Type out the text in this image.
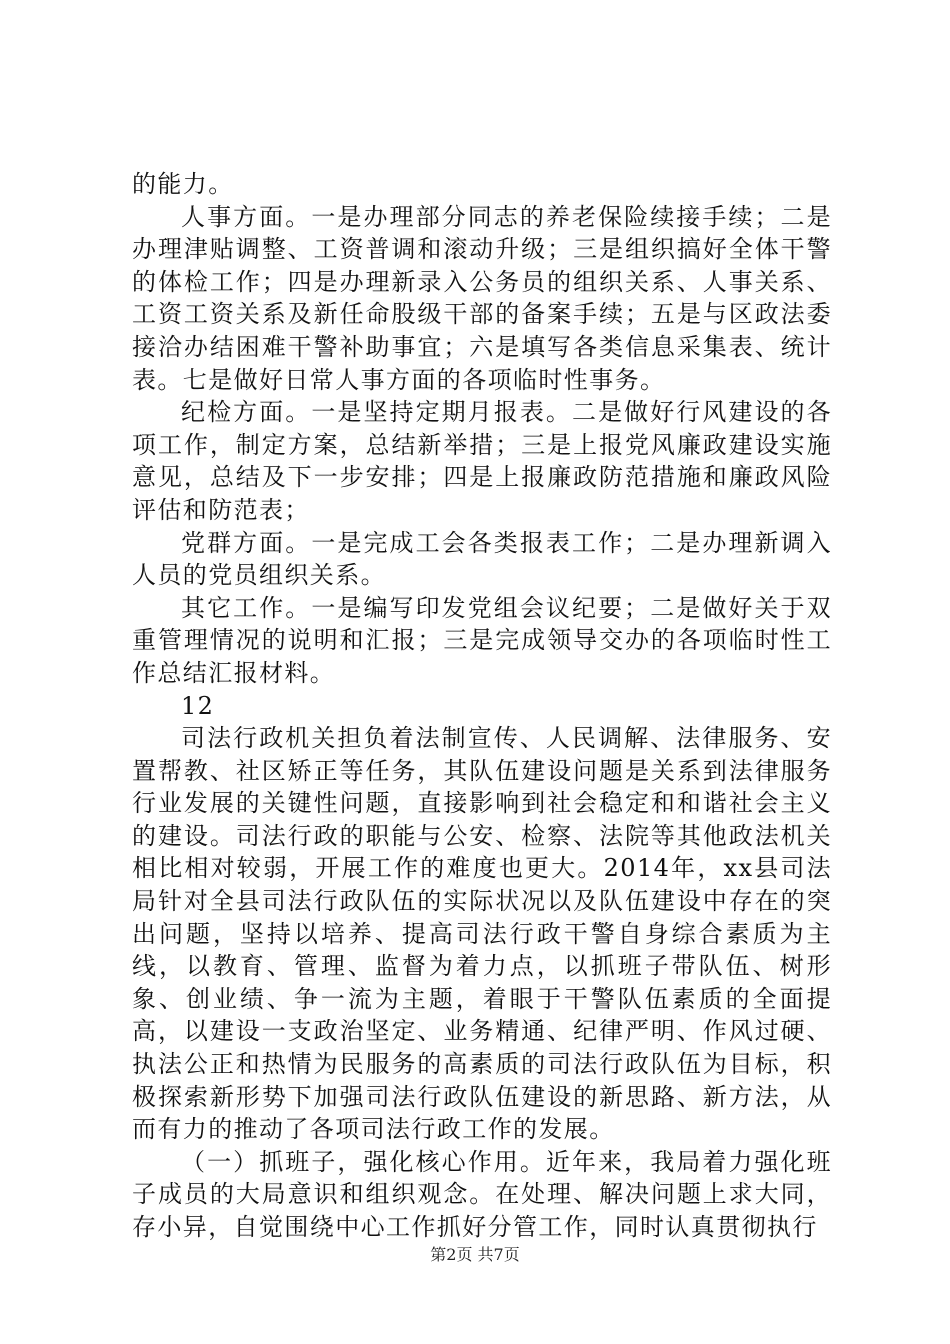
的能力。

人事方面。一是办理部分同志的养老保险续接手续；二是办理津贴调整、工资普调和滚动升级；三是组织搞好全体干警的体检工作；四是办理新录入公务员的组织关系、人事关系、工资工资关系及新任命股级干部的备案手续；五是与区政法委接洽办结困难干警补助事宜；六是填写各类信息采集表、统计表。七是做好日常人事方面的各项临时性事务。

纪检方面。一是坚持定期月报表。二是做好行风建设的各项工作，制定方案，总结新举措；三是上报党风廉政建设实施意见，总结及下一步安排；四是上报廉政防范措施和廉政风险评估和防范表；

党群方面。一是完成工会各类报表工作；二是办理新调入人员的党员组织关系。

其它工作。一是编写印发党组会议纪要；二是做好关于双重管理情况的说明和汇报；三是完成领导交办的各项临时性工作总结汇报材料。

12

司法行政机关担负着法制宣传、人民调解、法律服务、安置帮教、社区矫正等任务，其队伍建设问题是关系到法律服务行业发展的关键性问题，直接影响到社会稳定和和谐社会主义的建设。司法行政的职能与公安、检察、法院等其他政法机关相比相对较弱，开展工作的难度也更大。2014年，xx县司法局针对全县司法行政队伍的实际状况以及队伍建设中存在的突出问题，坚持以培养、提高司法行政干警自身综合素质为主线，以教育、管理、监督为着力点，以抓班子带队伍、树形象、创业绩、争一流为主题，着眼于干警队伍素质的全面提高，以建设一支政治坚定、业务精通、纪律严明、作风过硬、执法公正和热情为民服务的高素质的司法行政队伍为目标，积极探索新形势下加强司法行政队伍建设的新思路、新方法，从而有力的推动了各项司法行政工作的发展。

（一）抓班子，强化核心作用。近年来，我局着力强化班子成员的大局意识和组织观念。在处理、解决问题上求大同，存小异，自觉围绕中心工作抓好分管工作，同时认真贯彻执行

第2页 共7页
